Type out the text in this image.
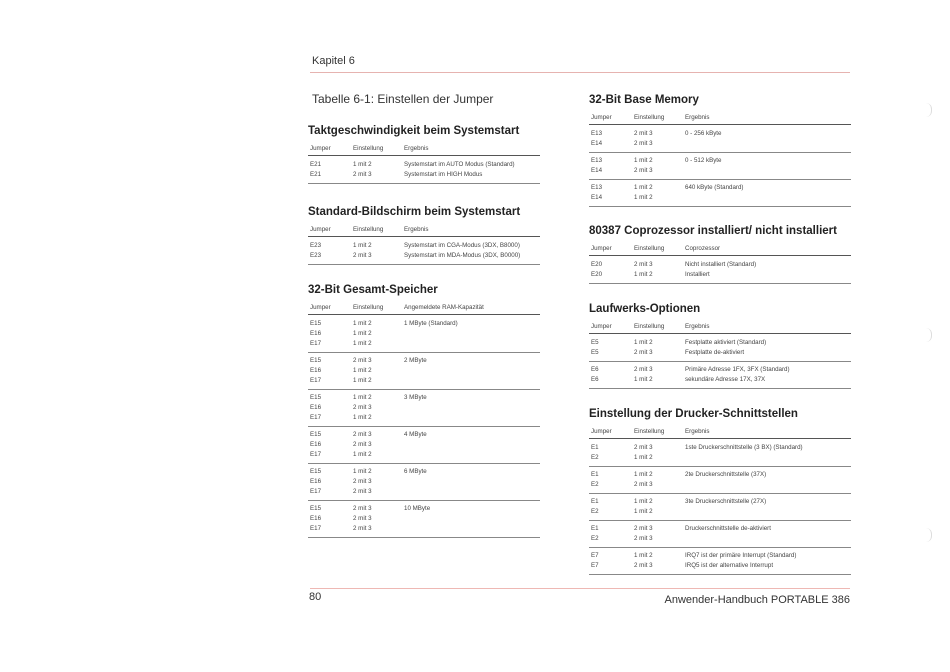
Kapitel 6
Tabelle 6-1: Einstellen der Jumper
Taktgeschwindigkeit beim Systemstart
Jumper	Einstellung	Ergebnis
E21	1 mit 2	Systemstart im AUTO Modus (Standard)
E21	2 mit 3	Systemstart im HIGH Modus
Standard-Bildschirm beim Systemstart
Jumper	Einstellung	Ergebnis
E23	1 mit 2	Systemstart im CGA-Modus (3DX, B8000)
E23	2 mit 3	Systemstart im MDA-Modus (3DX, B0000)
32-Bit Gesamt-Speicher
Jumper	Einstellung	Angemeldete RAM-Kapazität
E15	1 mit 2	1 MByte (Standard)
E16	1 mit 2
E17	1 mit 2
E15	2 mit 3	2 MByte
E16	1 mit 2
E17	1 mit 2
E15	1 mit 2	3 MByte
E16	2 mit 3
E17	1 mit 2
E15	2 mit 3	4 MByte
E16	2 mit 3
E17	1 mit 2
E15	1 mit 2	6 MByte
E16	2 mit 3
E17	2 mit 3
E15	2 mit 3	10 MByte
E16	2 mit 3
E17	2 mit 3
32-Bit Base Memory
Jumper	Einstellung	Ergebnis
E13	2 mit 3	0 - 256 kByte
E14	2 mit 3
E13	1 mit 2	0 - 512 kByte
E14	2 mit 3
E13	1 mit 2	640 kByte (Standard)
E14	1 mit 2
80387 Coprozessor installiert/ nicht installiert
Jumper	Einstellung	Coprozessor
E20	2 mit 3	Nicht installiert (Standard)
E20	1 mit 2	Installiert
Laufwerks-Optionen
Jumper	Einstellung	Ergebnis
E5	1 mit 2	Festplatte aktiviert (Standard)
E5	2 mit 3	Festplatte de-aktiviert
E6	2 mit 3	Primäre Adresse 1FX, 3FX (Standard)
E6	1 mit 2	sekundäre Adresse 17X, 37X
Einstellung der Drucker-Schnittstellen
Jumper	Einstellung	Ergebnis
E1	2 mit 3	1ste Druckerschnittstelle (3 BX) (Standard)
E2	1 mit 2
E1	1 mit 2	2te Druckerschnittstelle (37X)
E2	2 mit 3
E1	1 mit 2	3te Druckerschnittstelle (27X)
E2	1 mit 2
E1	2 mit 3	Druckerschnittstelle de-aktiviert
E2	2 mit 3
E7	1 mit 2	IRQ7 ist der primäre Interrupt (Standard)
E7	2 mit 3	IRQ5 ist der alternative Interrupt
80	Anwender-Handbuch PORTABLE 386
